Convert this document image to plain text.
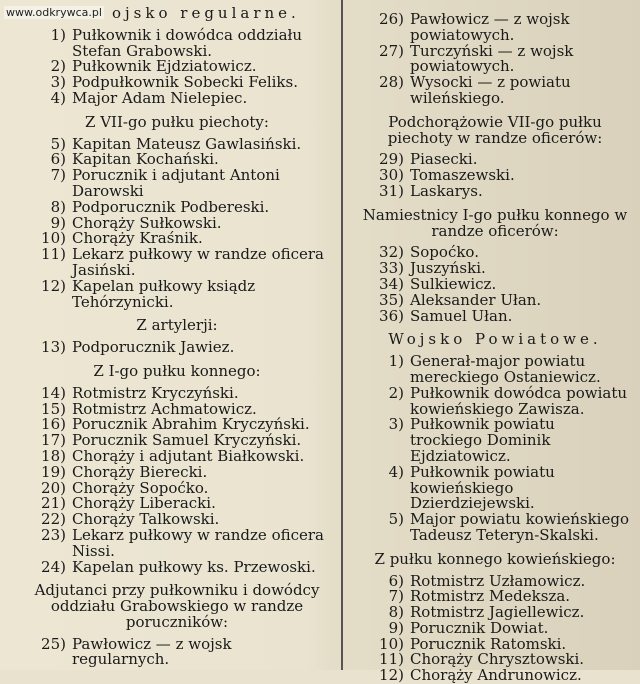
www.odkrywca.pl ojsko regularne.
1) Pułkownik i dowódca oddziału Stefan Grabowski.
2) Pułkownik Ejdziatowicz.
3) Podpułkownik Sobecki Feliks.
4) Major Adam Nielepiec.
Z VII-go pułku piechoty:
5) Kapitan Mateusz Gawlasiński.
6) Kapitan Kochański.
7) Porucznik i adjutant Antoni Darowski
8) Podporucznik Podbereski.
9) Chorąży Sułkowski.
10) Chorąży Kraśnik.
11) Lekarz pułkowy w randze oficera Jasiński.
12) Kapelan pułkowy ksiądz Tehórzynicki.
Z artylerji:
13) Podporucznik Jawiez.
Z I-go pułku konnego:
14) Rotmistrz Kryczyński.
15) Rotmistrz Achmatowicz.
16) Porucznik Abrahim Kryczyński.
17) Porucznik Samuel Kryczyński.
18) Chorąży i adjutant Białkowski.
19) Chorąży Bierecki.
20) Chorąży Sopoćko.
21) Chorąży Liberacki.
22) Chorąży Talkowski.
23) Lekarz pułkowy w randze oficera Nissi.
24) Kapelan pułkowy ks. Przewoski.
Adjutanci przy pułkowniku i dowódcy oddziału Grabowskiego w randze poruczników:
25) Pawłowicz — z wojsk regularnych.
26) Pawłowicz — z wojsk powiatowych.
27) Turczyński — z wojsk powiatowych.
28) Wysocki — z powiatu wileńskiego.
Podchorążowie VII-go pułku piechoty w randze oficerów:
29) Piasecki.
30) Tomaszewski.
31) Laskarys.
Namiestnicy I-go pułku konnego w randze oficerów:
32) Sopoćko.
33) Juszyński.
34) Sulkiewicz.
35) Aleksander Ułan.
36) Samuel Ułan.
Wojsko Powiatowe.
1) Generał-major powiatu mereckiego Ostaniewicz.
2) Pułkownik dowódca powiatu kowieńskiego Zawisza.
3) Pułkownik powiatu trockiego Dominik Ejdziatowicz.
4) Pułkownik powiatu kowieńskiego Dzierdziejewski.
5) Major powiatu kowieńskiego Tadeusz Teteryn-Skalski.
Z pułku konnego kowieńskiego:
6) Rotmistrz Uzłamowicz.
7) Rotmistrz Medeksza.
8) Rotmistrz Jagiellewicz.
9) Porucznik Dowiat.
10) Porucznik Ratomski.
11) Chorąży Chrysztowski.
12) Chorąży Andrunowicz.
